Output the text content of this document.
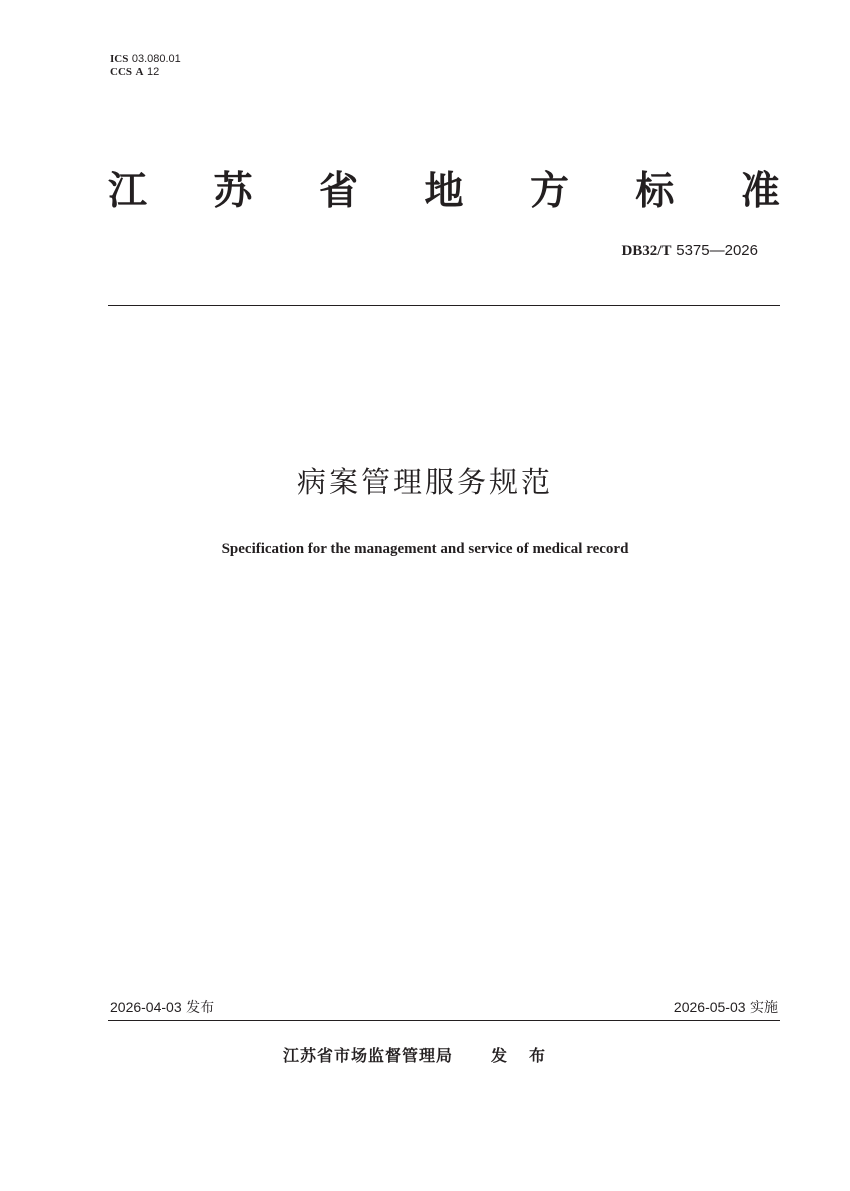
ICS 03.080.01
CCS A 12
江 苏 省 地 方 标 准
DB32/T 5375—2026
病案管理服务规范
Specification for the management and service of medical record
2026-04-03 发布	2026-05-03 实施
江苏省市场监督管理局 发布
